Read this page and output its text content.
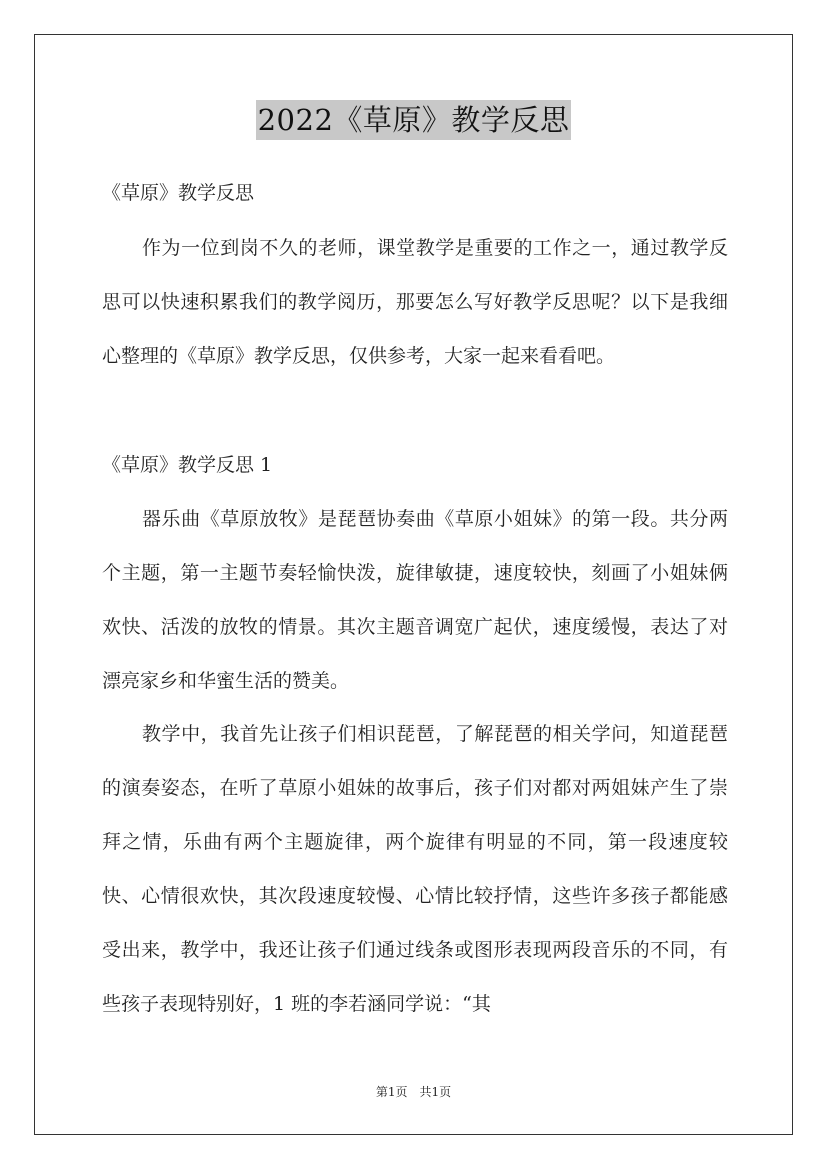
2022《草原》教学反思
《草原》教学反思

作为一位到岗不久的老师，课堂教学是重要的工作之一，通过教学反思可以快速积累我们的教学阅历，那要怎么写好教学反思呢？以下是我细心整理的《草原》教学反思，仅供参考，大家一起来看看吧。

《草原》教学反思 1

器乐曲《草原放牧》是琵琶协奏曲《草原小姐妹》的第一段。共分两个主题，第一主题节奏轻愉快泼，旋律敏捷，速度较快，刻画了小姐妹俩欢快、活泼的放牧的情景。其次主题音调宽广起伏，速度缓慢，表达了对漂亮家乡和华蜜生活的赞美。

教学中，我首先让孩子们相识琵琶，了解琵琶的相关学问，知道琵琶的演奏姿态，在听了草原小姐妹的故事后，孩子们对都对两姐妹产生了崇拜之情，乐曲有两个主题旋律，两个旋律有明显的不同，第一段速度较快、心情很欢快，其次段速度较慢、心情比较抒情，这些许多孩子都能感受出来，教学中，我还让孩子们通过线条或图形表现两段音乐的不同，有些孩子表现特别好，1 班的李若涵同学说：“其

第1页　共1页
